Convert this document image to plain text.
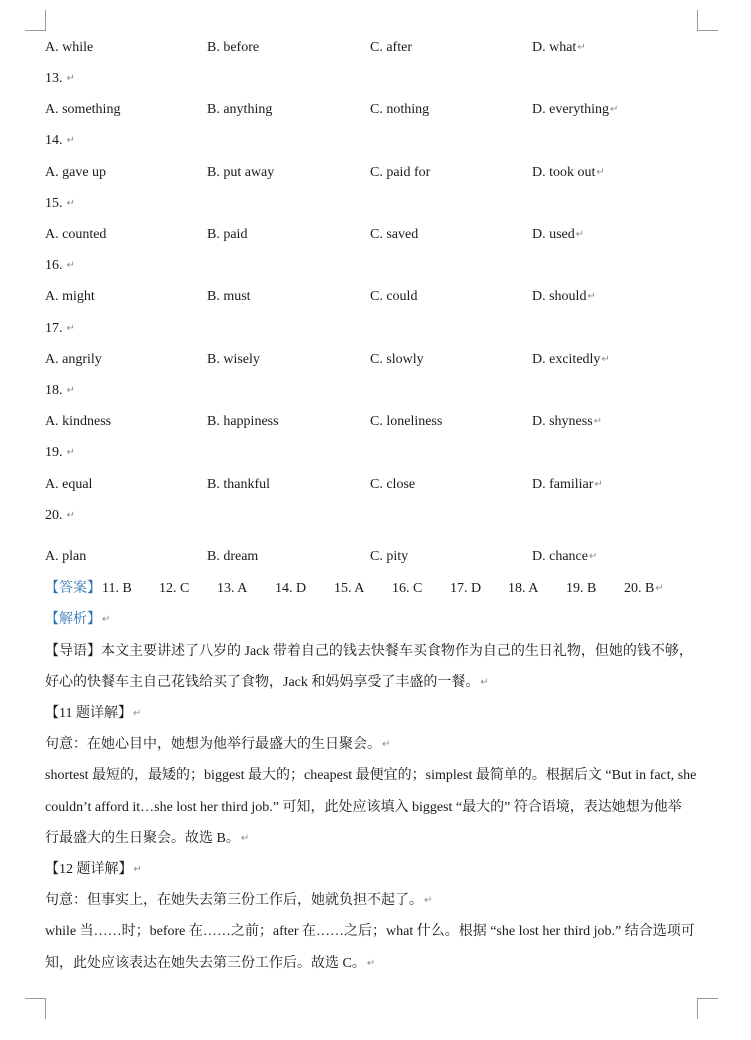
A. while	B. before	C. after	D. what↵
13. ↵
A. something	B. anything	C. nothing	D. everything↵
14. ↵
A. gave up	B. put away	C. paid for	D. took out↵
15. ↵
A. counted	B. paid	C. saved	D. used↵
16. ↵
A. might	B. must	C. could	D. should↵
17. ↵
A. angrily	B. wisely	C. slowly	D. excitedly↵
18. ↵
A. kindness	B. happiness	C. loneliness	D. shyness↵
19. ↵
A. equal	B. thankful	C. close	D. familiar↵
20. ↵
A. plan	B. dream	C. pity	D. chance↵
【答案】 11. B 12. C 13. A 14. D 15. A 16. C 17. D 18. A 19. B 20. B↵
【解析】↵
【导语】本文主要讲述了八岁的 Jack 带着自己的钱去快餐车买食物作为自己的生日礼物，但她的钱不够，
好心的快餐车主自己花钱给买了食物，Jack 和妈妈享受了丰盛的一餐。↵
【11 题详解】↵
句意：在她心目中，她想为他举行最盛大的生日聚会。↵
shortest 最短的，最矮的；biggest 最大的；cheapest 最便宜的；simplest 最简单的。根据后文 “But in fact, she
couldn’t afford it…she lost her third job.” 可知，此处应该填入 biggest “最大的” 符合语境，表达她想为他举
行最盛大的生日聚会。故选 B。↵
【12 题详解】↵
句意：但事实上，在她失去第三份工作后，她就负担不起了。↵
while 当……时；before 在……之前；after 在……之后；what 什么。根据 “she lost her third job.” 结合选项可
知，此处应该表达在她失去第三份工作后。故选 C。↵
